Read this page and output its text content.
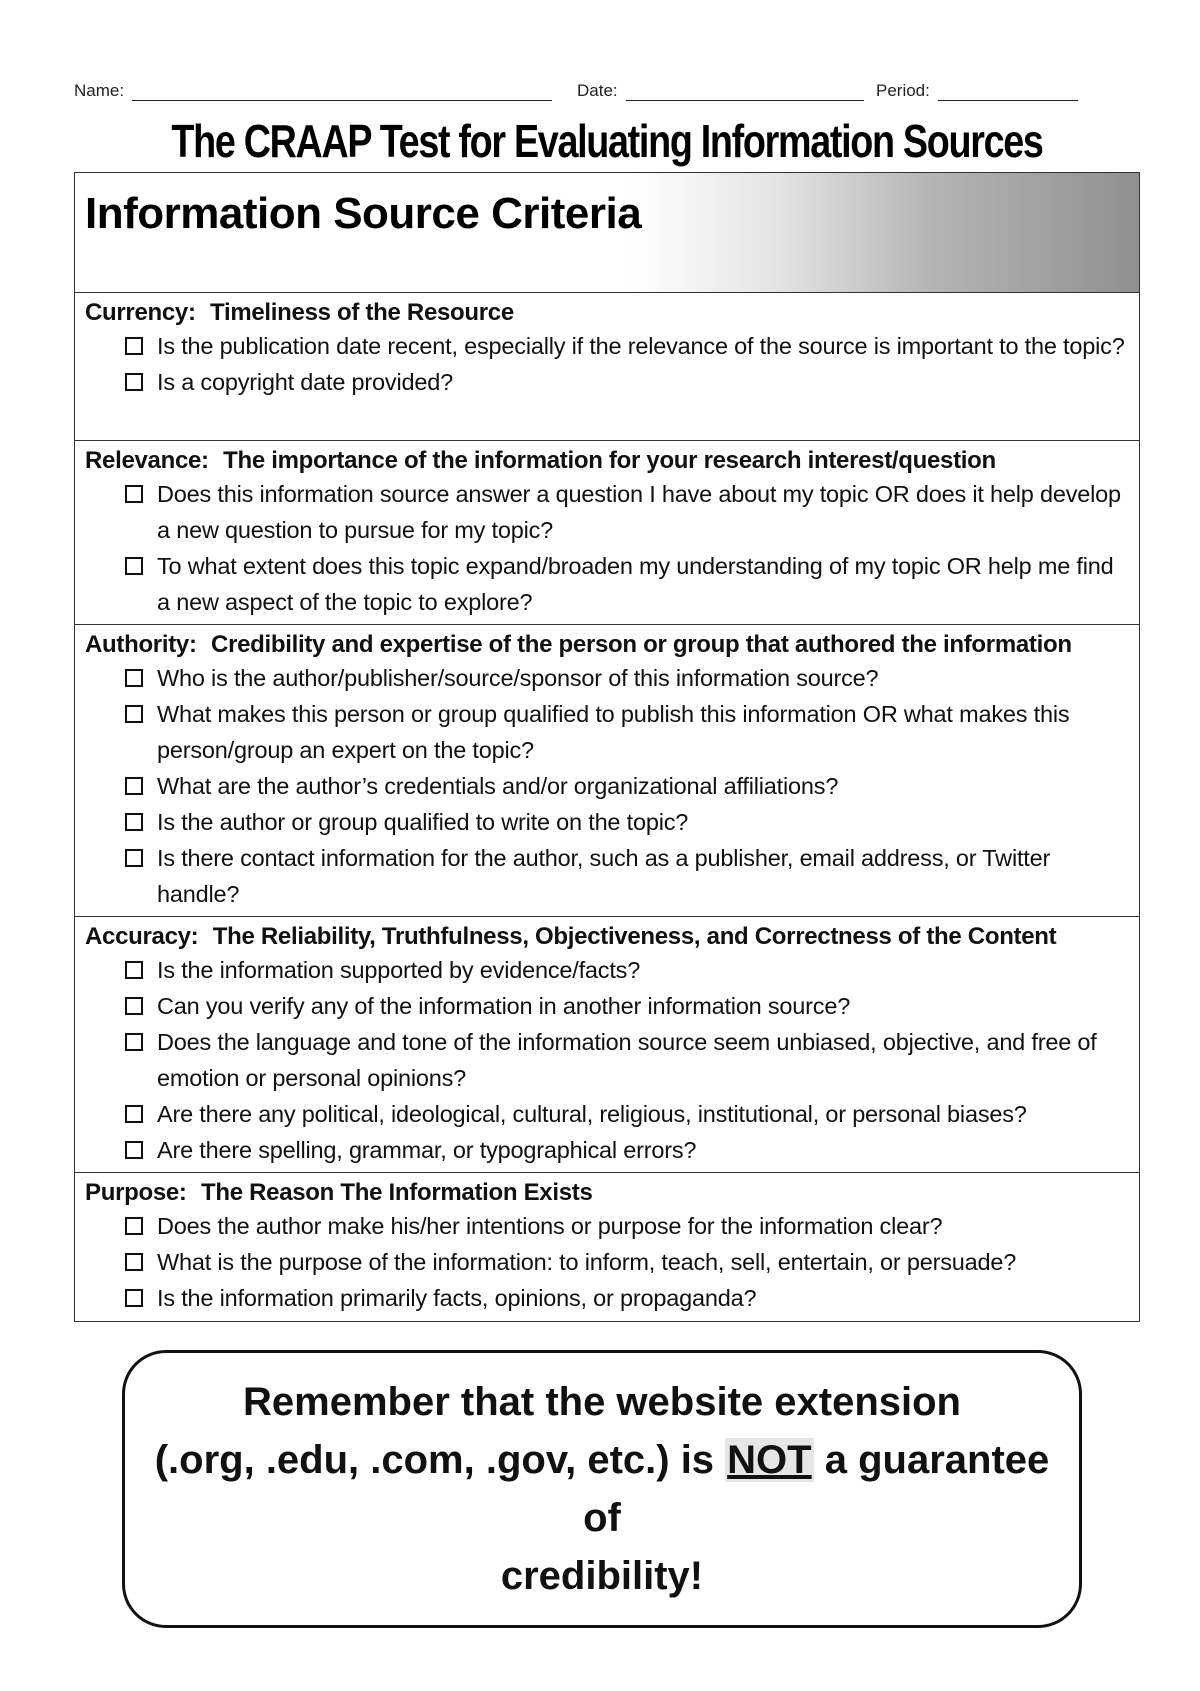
Name:	Date:	Period:
The CRAAP Test for Evaluating Information Sources
Information Source Criteria
Currency: Timeliness of the Resource
Is the publication date recent, especially if the relevance of the source is important to the topic?
Is a copyright date provided?
Relevance: The importance of the information for your research interest/question
Does this information source answer a question I have about my topic OR does it help develop a new question to pursue for my topic?
To what extent does this topic expand/broaden my understanding of my topic OR help me find a new aspect of the topic to explore?
Authority: Credibility and expertise of the person or group that authored the information
Who is the author/publisher/source/sponsor of this information source?
What makes this person or group qualified to publish this information OR what makes this person/group an expert on the topic?
What are the author’s credentials and/or organizational affiliations?
Is the author or group qualified to write on the topic?
Is there contact information for the author, such as a publisher, email address, or Twitter handle?
Accuracy: The Reliability, Truthfulness, Objectiveness, and Correctness of the Content
Is the information supported by evidence/facts?
Can you verify any of the information in another information source?
Does the language and tone of the information source seem unbiased, objective, and free of emotion or personal opinions?
Are there any political, ideological, cultural, religious, institutional, or personal biases?
Are there spelling, grammar, or typographical errors?
Purpose: The Reason The Information Exists
Does the author make his/her intentions or purpose for the information clear?
What is the purpose of the information: to inform, teach, sell, entertain, or persuade?
Is the information primarily facts, opinions, or propaganda?
Remember that the website extension
(.org, .edu, .com, .gov, etc.) is NOT a guarantee of
credibility!
